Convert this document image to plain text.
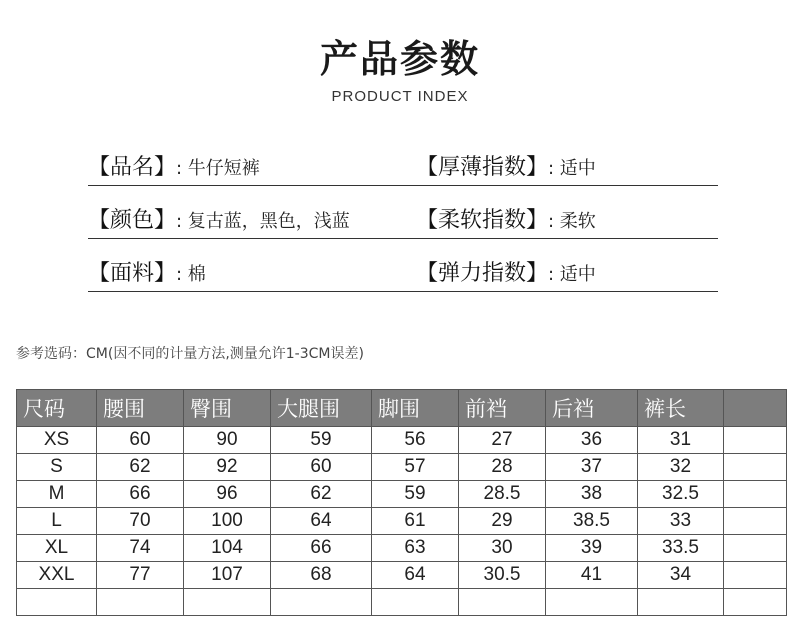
产品参数
PRODUCT INDEX
【品名】 : 牛仔短裤	【厚薄指数】 : 适中
【颜色】 : 复古蓝，黑色，浅蓝	【柔软指数】 : 柔软
【面料】 : 棉	【弹力指数】 : 适中
参考选码：CM(因不同的计量方法,测量允许1-3CM误差)
尺码	腰围	臀围	大腿围	脚围	前裆	后裆	裤长	
XS	60	90	59	56	27	36	31	
S	62	92	60	57	28	37	32	
M	66	96	62	59	28.5	38	32.5	
L	70	100	64	61	29	38.5	33	
XL	74	104	66	63	30	39	33.5	
XXL	77	107	68	64	30.5	41	34	
